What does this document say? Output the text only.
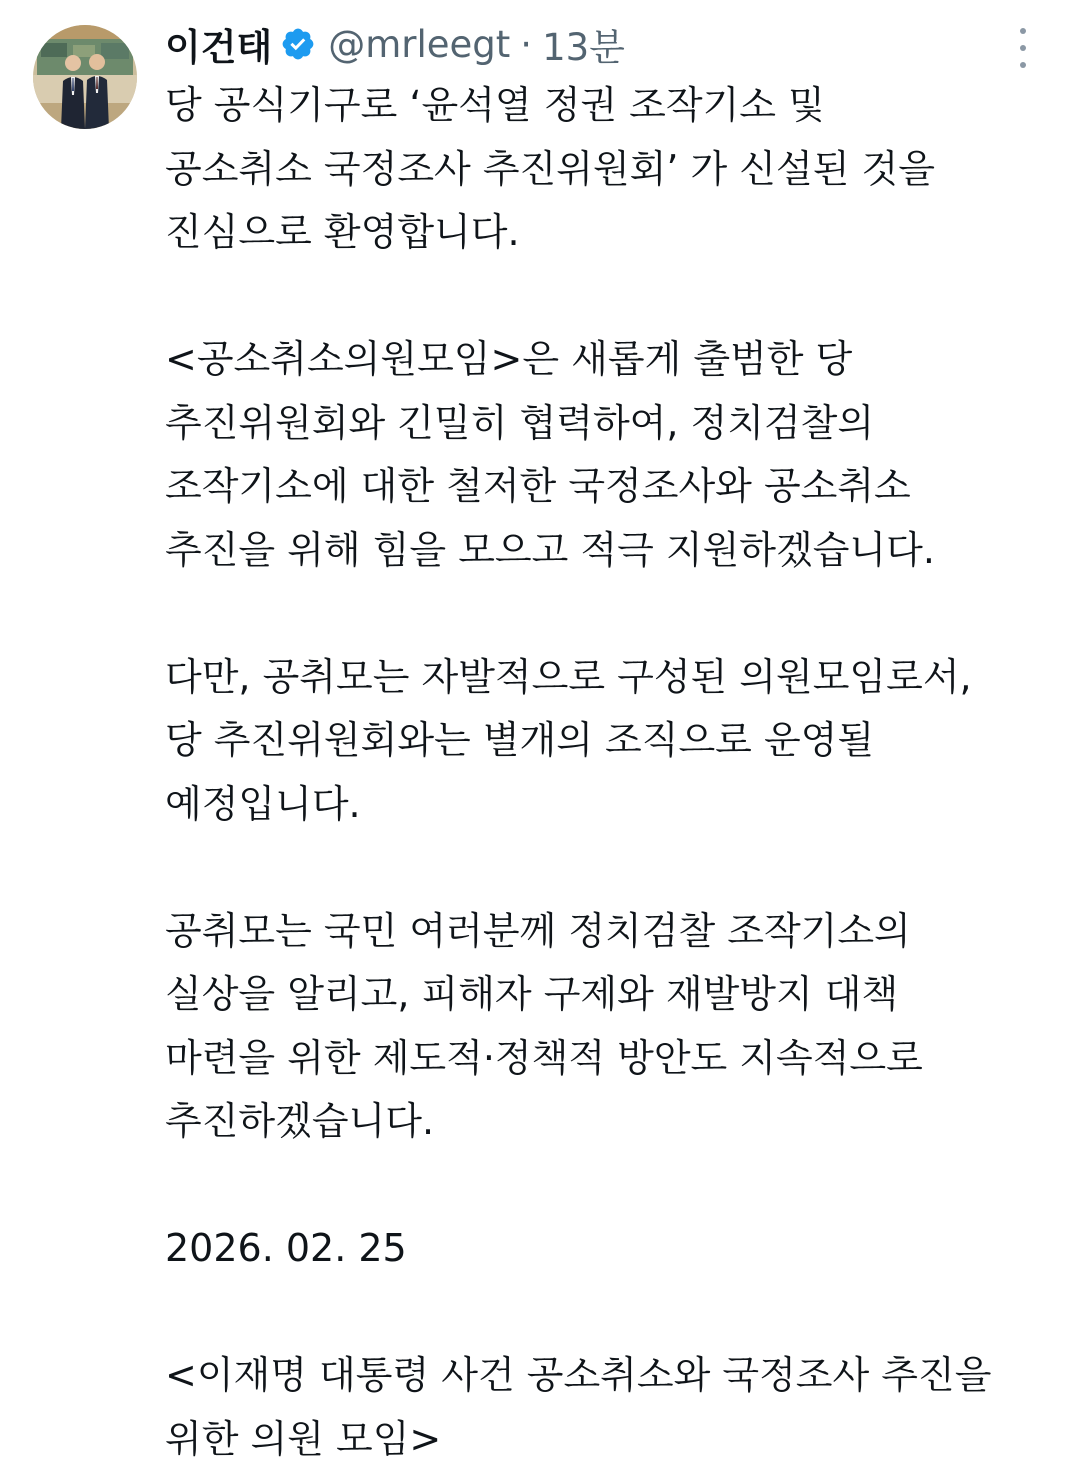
이건태 @mrleegt · 13분
당 공식기구로 ‘윤석열 정권 조작기소 및
공소취소 국정조사 추진위원회’ 가 신설된 것을
진심으로 환영합니다.
<공소취소의원모임>은 새롭게 출범한 당
추진위원회와 긴밀히 협력하여, 정치검찰의
조작기소에 대한 철저한 국정조사와 공소취소
추진을 위해 힘을 모으고 적극 지원하겠습니다.
다만, 공취모는 자발적으로 구성된 의원모임로서,
당 추진위원회와는 별개의 조직으로 운영될
예정입니다.
공취모는 국민 여러분께 정치검찰 조작기소의
실상을 알리고, 피해자 구제와 재발방지 대책
마련을 위한 제도적·정책적 방안도 지속적으로
추진하겠습니다.
2026. 02. 25
<이재명 대통령 사건 공소취소와 국정조사 추진을
위한 의원 모임>
